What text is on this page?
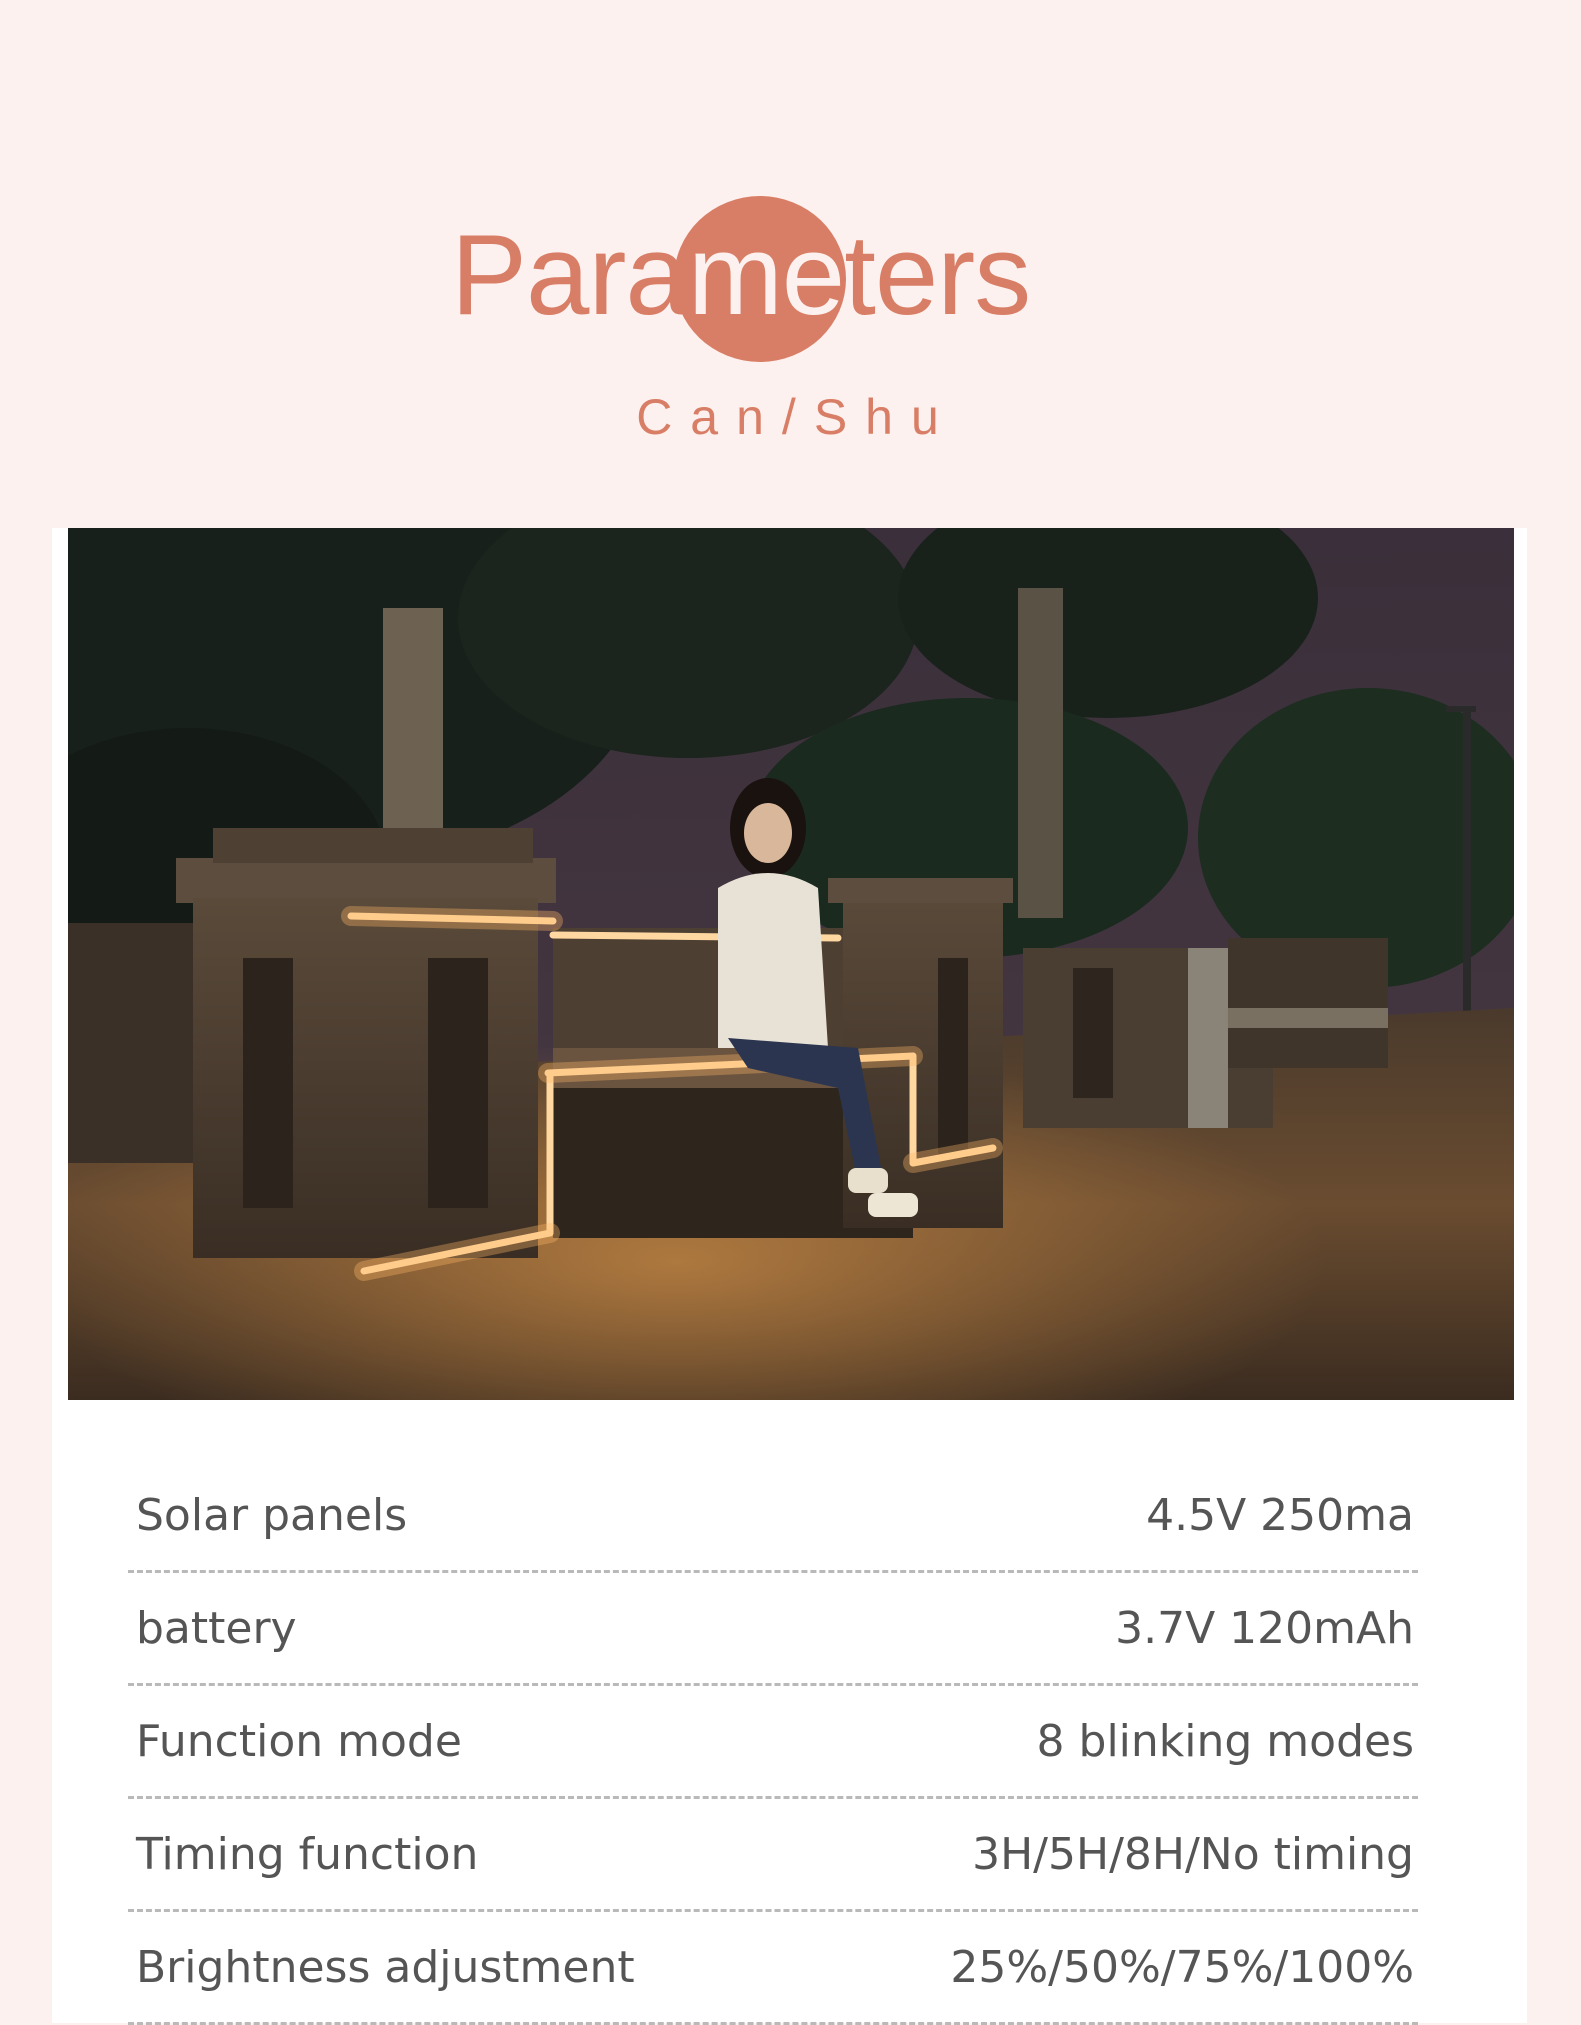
Parameters

Can/Shu

Solar panels	4.5V 250ma
battery	3.7V 120mAh
Function mode	8 blinking modes
Timing function	3H/5H/8H/No timing
Brightness adjustment	25%/50%/75%/100%
